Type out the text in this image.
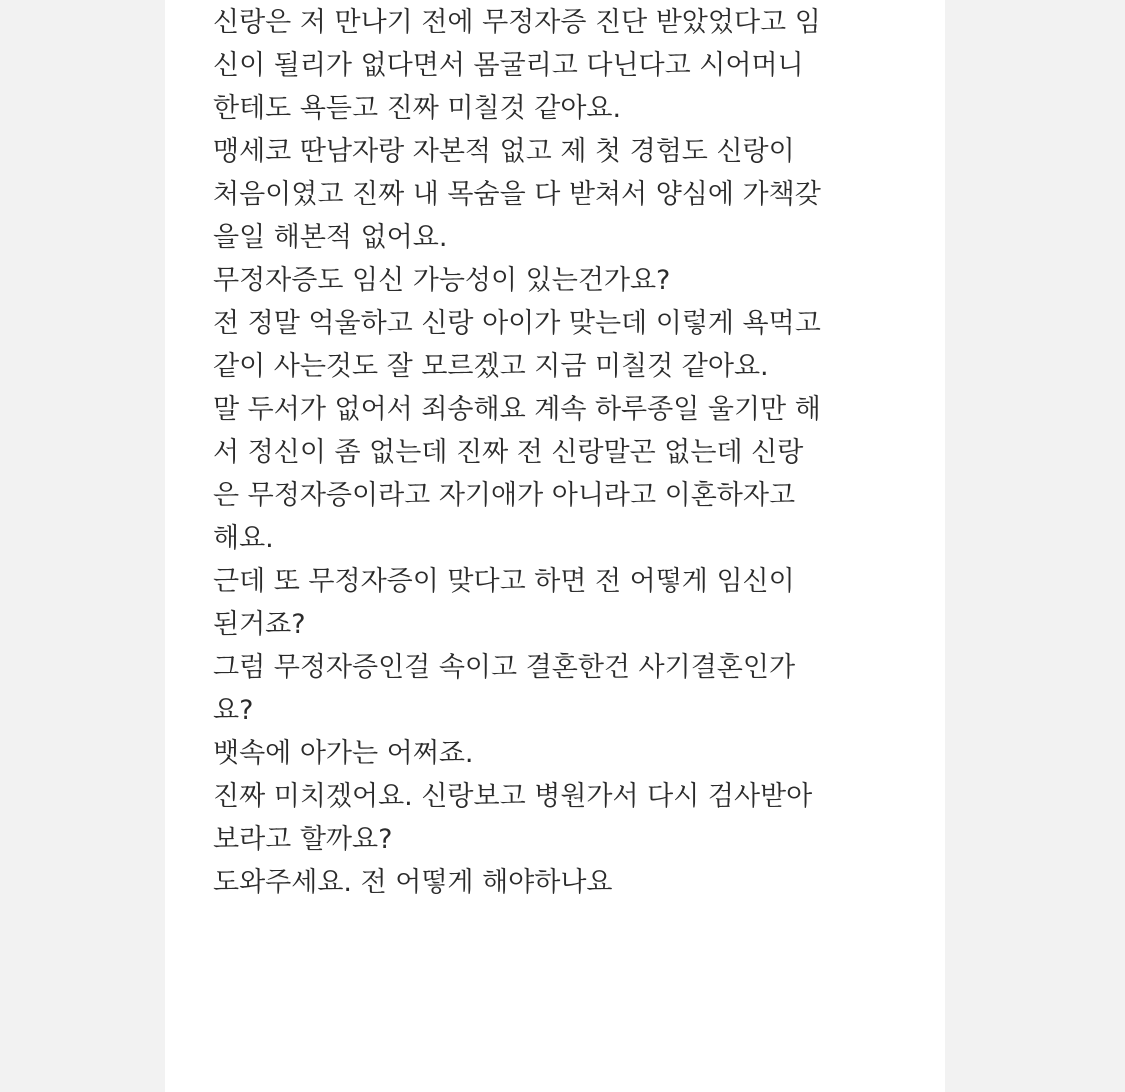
신랑은 저 만나기 전에 무정자증 진단 받았었다고 임
신이 될리가 없다면서 몸굴리고 다닌다고 시어머니
한테도 욕듣고 진짜 미칠것 같아요.
맹세코 딴남자랑 자본적 없고 제 첫 경험도 신랑이
처음이였고 진짜 내 목숨을 다 받쳐서 양심에 가책갖
을일 해본적 없어요.
무정자증도 임신 가능성이 있는건가요?
전 정말 억울하고 신랑 아이가 맞는데 이렇게 욕먹고
같이 사는것도 잘 모르겠고 지금 미칠것 같아요.
말 두서가 없어서 죄송해요 계속 하루종일 울기만 해
서 정신이 좀 없는데 진짜 전 신랑말곤 없는데 신랑
은 무정자증이라고 자기애가 아니라고 이혼하자고
해요.
근데 또 무정자증이 맞다고 하면 전 어떻게 임신이
된거죠?
그럼 무정자증인걸 속이고 결혼한건 사기결혼인가
요?
뱃속에 아가는 어쩌죠.
진짜 미치겠어요. 신랑보고 병원가서 다시 검사받아
보라고 할까요?
도와주세요. 전 어떻게 해야하나요
